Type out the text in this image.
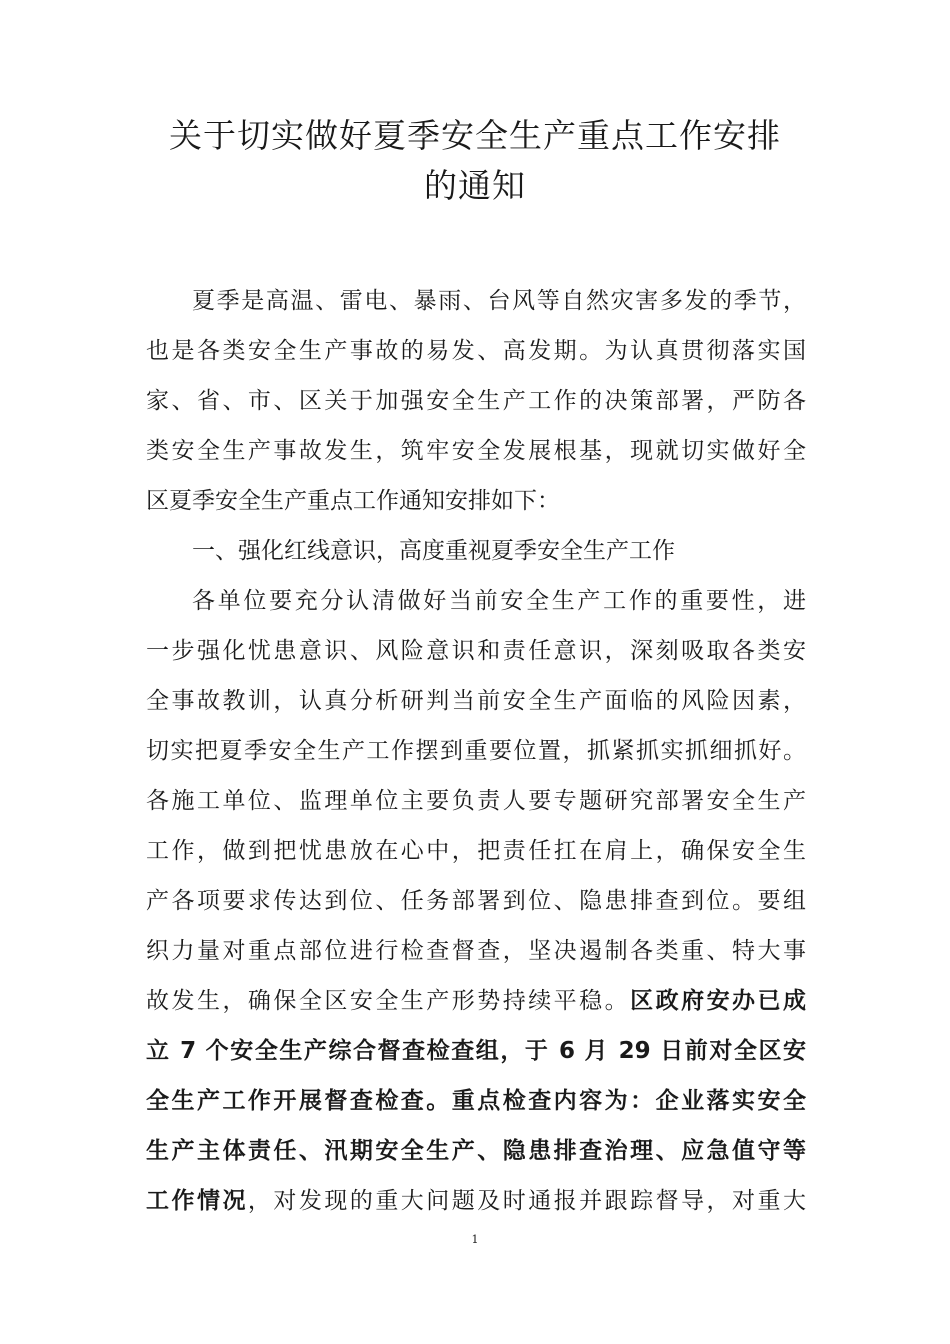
关于切实做好夏季安全生产重点工作安排
的通知
夏季是高温、雷电、暴雨、台风等自然灾害多发的季节，
也是各类安全生产事故的易发、高发期。为认真贯彻落实国
家、省、市、区关于加强安全生产工作的决策部署，严防各
类安全生产事故发生，筑牢安全发展根基，现就切实做好全
区夏季安全生产重点工作通知安排如下：
一、强化红线意识，高度重视夏季安全生产工作
各单位要充分认清做好当前安全生产工作的重要性，进
一步强化忧患意识、风险意识和责任意识，深刻吸取各类安
全事故教训，认真分析研判当前安全生产面临的风险因素，
切实把夏季安全生产工作摆到重要位置，抓紧抓实抓细抓好。
各施工单位、监理单位主要负责人要专题研究部署安全生产
工作，做到把忧患放在心中，把责任扛在肩上，确保安全生
产各项要求传达到位、任务部署到位、隐患排查到位。要组
织力量对重点部位进行检查督查，坚决遏制各类重、特大事
故发生，确保全区安全生产形势持续平稳。区政府安办已成
立 7 个安全生产综合督查检查组，于 6 月 29 日前对全区安
全生产工作开展督查检查。重点检查内容为：企业落实安全
生产主体责任、汛期安全生产、隐患排查治理、应急值守等
工作情况，对发现的重大问题及时通报并跟踪督导，对重大
1
